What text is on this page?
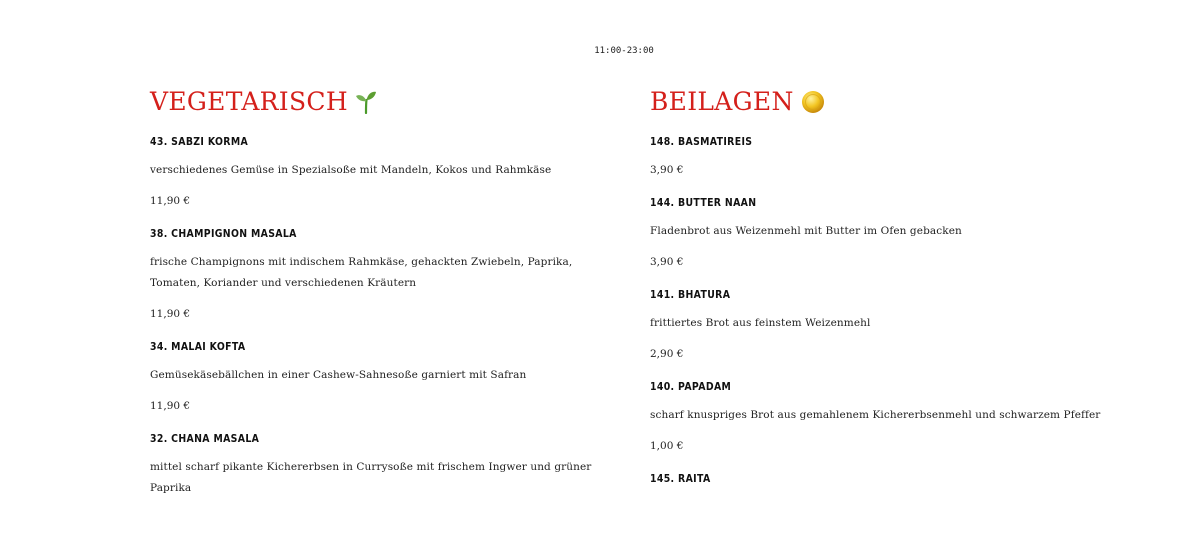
11:00-23:00
VEGETARISCH
43. SABZI KORMA
verschiedenes Gemüse in Spezialsoße mit Mandeln, Kokos und Rahmkäse
11,90 €
38. CHAMPIGNON MASALA
frische Champignons mit indischem Rahmkäse, gehackten Zwiebeln, Paprika, Tomaten, Koriander und verschiedenen Kräutern
11,90 €
34. MALAI KOFTA
Gemüsekäsebällchen in einer Cashew-Sahnesoße garniert mit Safran
11,90 €
32. CHANA MASALA
mittel scharf pikante Kichererbsen in Currysoße mit frischem Ingwer und grüner Paprika
BEILAGEN
148. BASMATIREIS
3,90 €
144. BUTTER NAAN
Fladenbrot aus Weizenmehl mit Butter im Ofen gebacken
3,90 €
141. BHATURA
frittiertes Brot aus feinstem Weizenmehl
2,90 €
140. PAPADAM
scharf knuspriges Brot aus gemahlenem Kichererbsenmehl und schwarzem Pfeffer
1,00 €
145. RAITA
